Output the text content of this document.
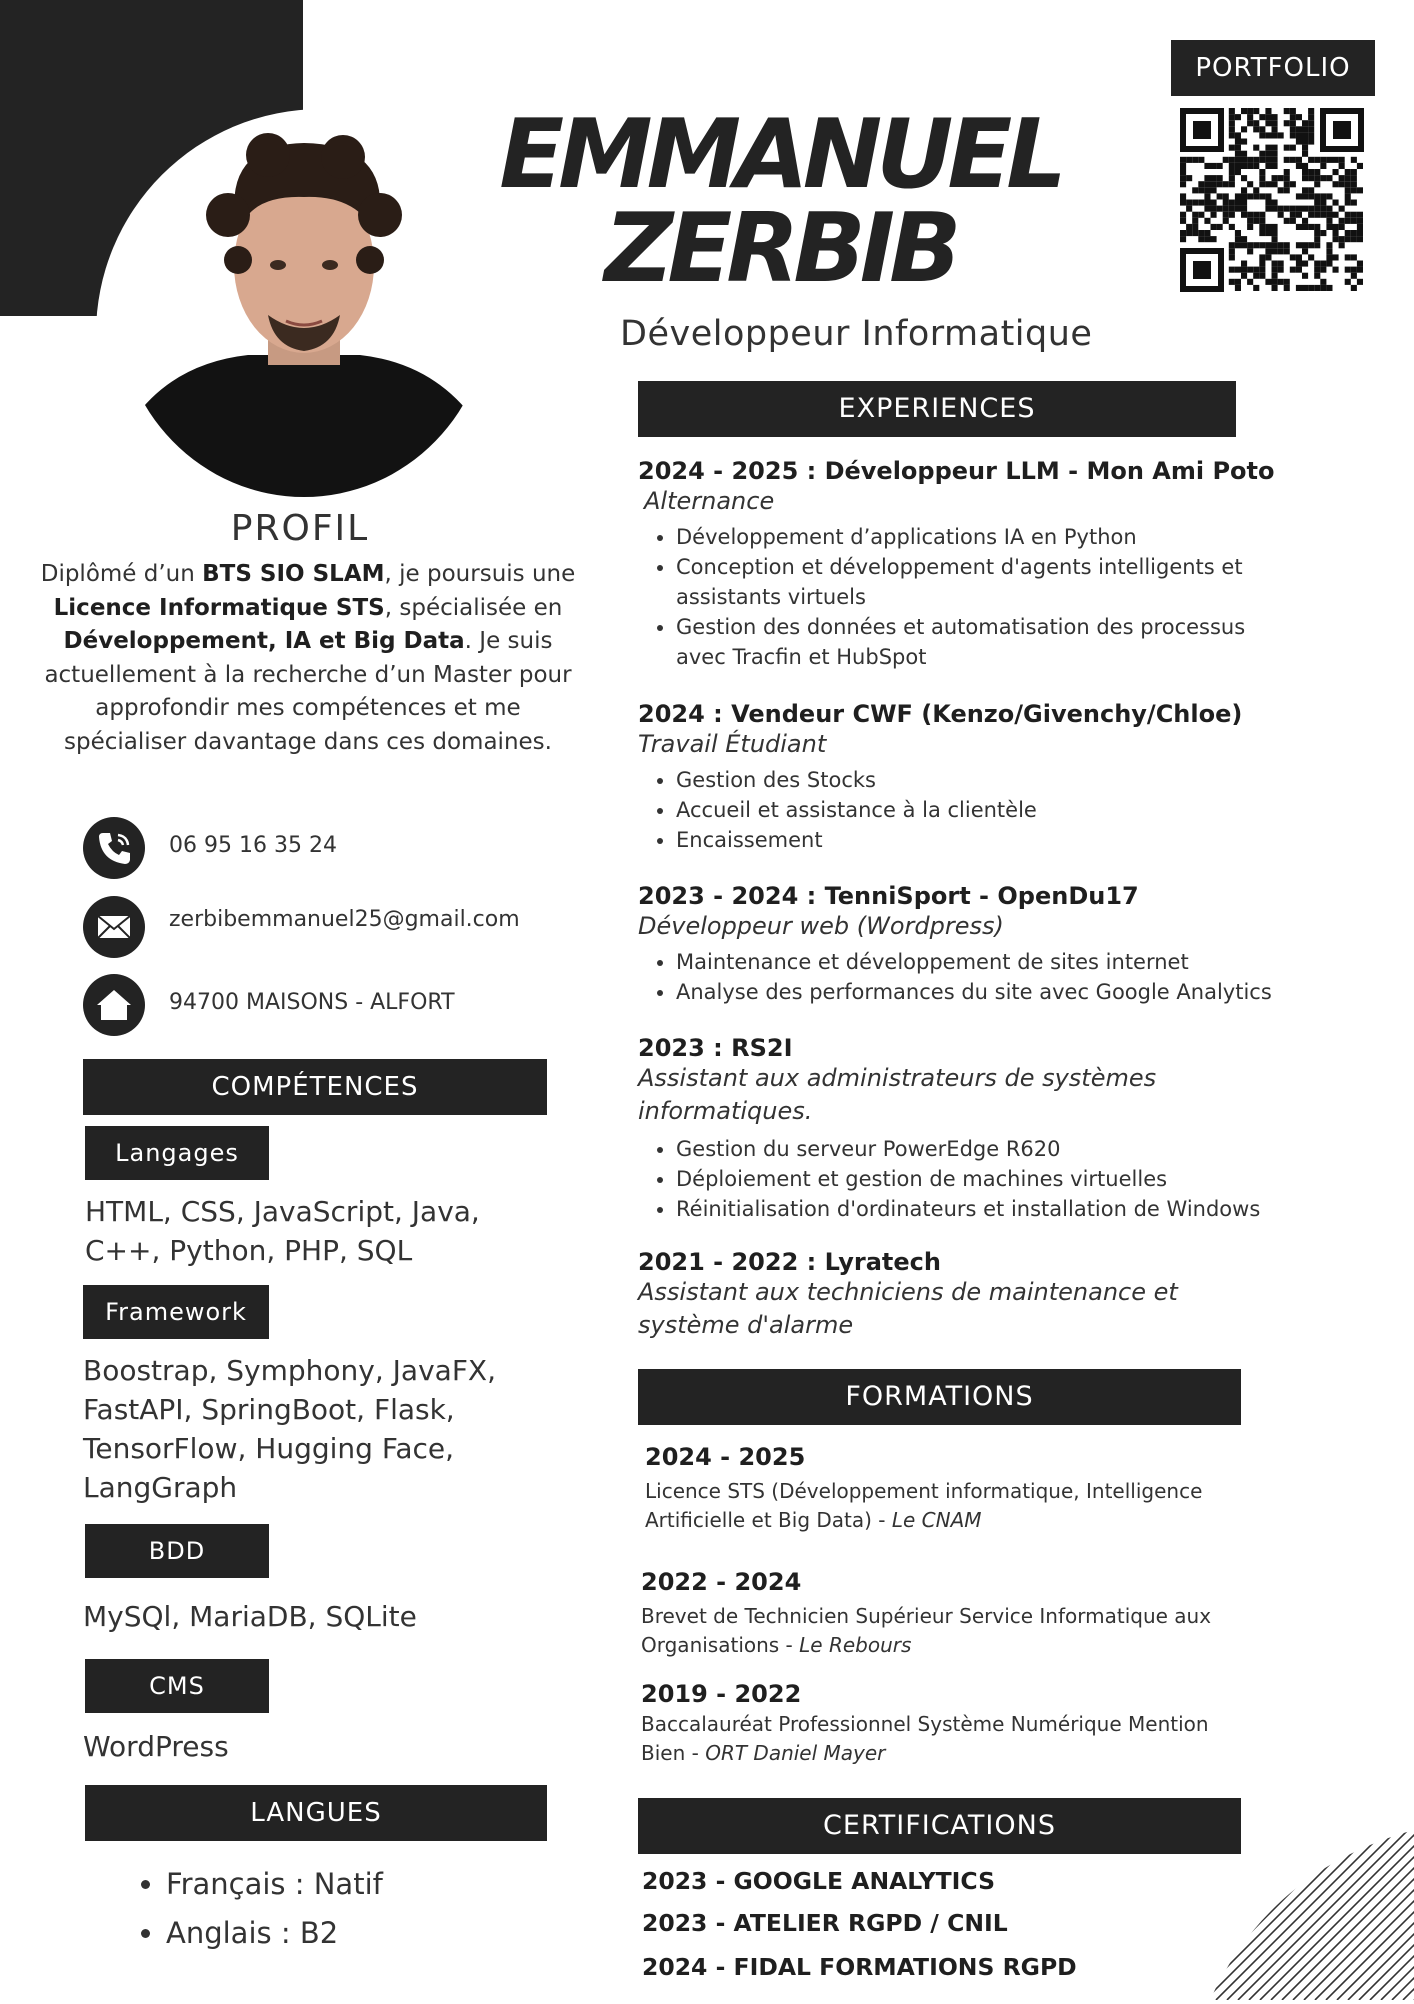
EMMANUEL
ZERBIB
Développeur Informatique
PORTFOLIO
PROFIL
Diplômé d’un BTS SIO SLAM, je poursuis une Licence Informatique STS, spécialisée en Développement, IA et Big Data. Je suis actuellement à la recherche d’un Master pour approfondir mes compétences et me spécialiser davantage dans ces domaines.
06 95 16 35 24
zerbibemmanuel25@gmail.com
94700 MAISONS - ALFORT
COMPÉTENCES
Langages
HTML, CSS, JavaScript, Java, C++, Python, PHP, SQL
Framework
Boostrap, Symphony, JavaFX, FastAPI, SpringBoot, Flask, TensorFlow, Hugging Face, LangGraph
BDD
MySQl, MariaDB, SQLite
CMS
WordPress
LANGUES
• Français : Natif
• Anglais : B2
EXPERIENCES
2024 - 2025 : Développeur LLM - Mon Ami Poto
Alternance
• Développement d’applications IA en Python
• Conception et développement d'agents intelligents et assistants virtuels
• Gestion des données et automatisation des processus avec Tracfin et HubSpot
2024 : Vendeur CWF (Kenzo/Givenchy/Chloe)
Travail Étudiant
• Gestion des Stocks
• Accueil et assistance à la clientèle
• Encaissement
2023 - 2024 : TenniSport - OpenDu17
Développeur web (Wordpress)
• Maintenance et développement de sites internet
• Analyse des performances du site avec Google Analytics
2023 : RS2I
Assistant aux administrateurs de systèmes informatiques.
• Gestion du serveur PowerEdge R620
• Déploiement et gestion de machines virtuelles
• Réinitialisation d'ordinateurs et installation de Windows
2021 - 2022 : Lyratech
Assistant aux techniciens de maintenance et système d'alarme
FORMATIONS
2024 - 2025
Licence STS (Développement informatique, Intelligence Artificielle et Big Data) - Le CNAM
2022 - 2024
Brevet de Technicien Supérieur Service Informatique aux Organisations - Le Rebours
2019 - 2022
Baccalauréat Professionnel Système Numérique Mention Bien - ORT Daniel Mayer
CERTIFICATIONS
2023 - GOOGLE ANALYTICS
2023 - ATELIER RGPD / CNIL
2024 - FIDAL FORMATIONS RGPD
